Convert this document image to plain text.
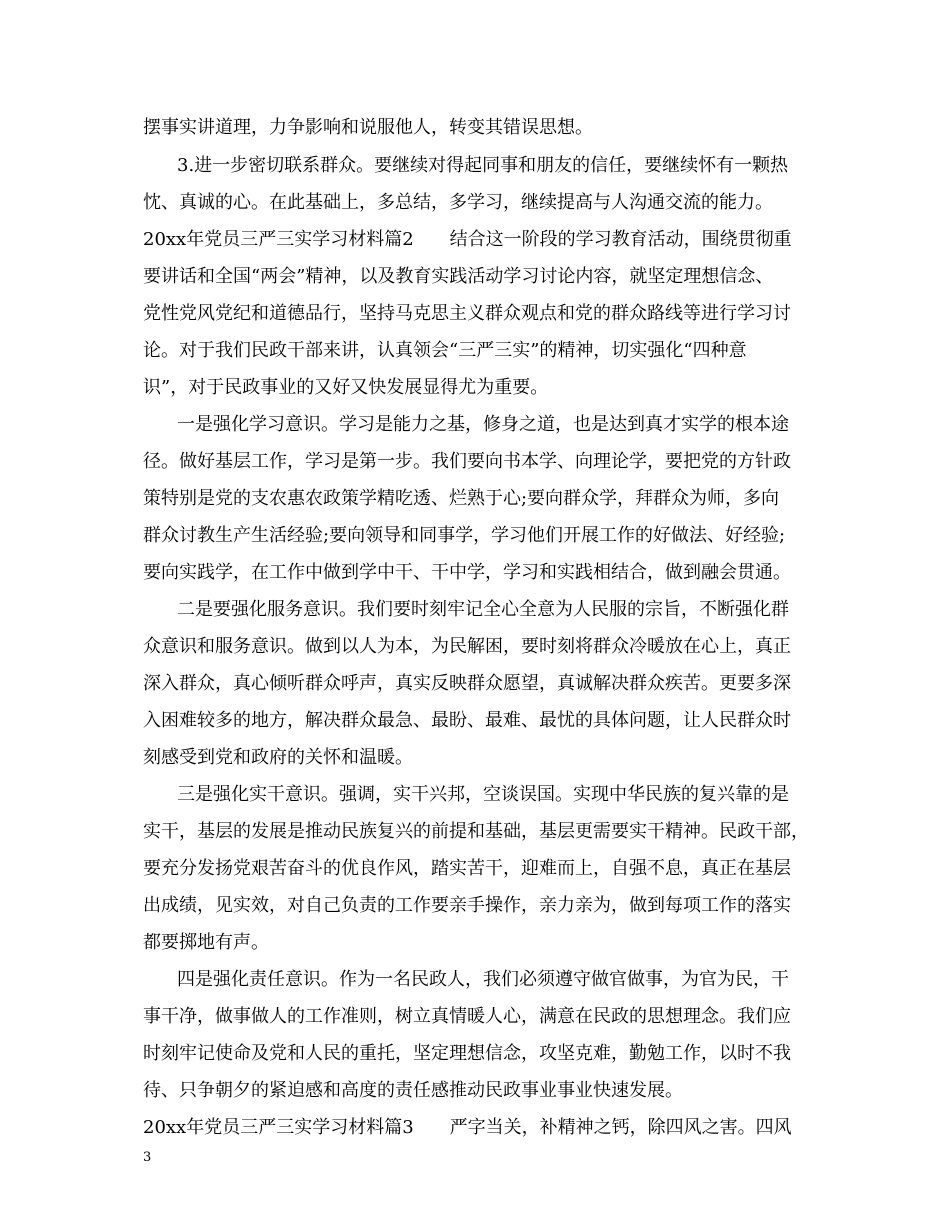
摆事实讲道理，力争影响和说服他人，转变其错误思想。

3.进一步密切联系群众。要继续对得起同事和朋友的信任，要继续怀有一颗热

忱、真诚的心。在此基础上，多总结，多学习，继续提高与人沟通交流的能力。

20xx年党员三严三实学习材料篇2　　结合这一阶段的学习教育活动，围绕贯彻重

要讲话和全国“两会”精神，以及教育实践活动学习讨论内容，就坚定理想信念、

党性党风党纪和道德品行，坚持马克思主义群众观点和党的群众路线等进行学习讨

论。对于我们民政干部来讲，认真领会“三严三实”的精神，切实强化“四种意

识”，对于民政事业的又好又快发展显得尤为重要。

一是强化学习意识。学习是能力之基，修身之道，也是达到真才实学的根本途

径。做好基层工作，学习是第一步。我们要向书本学、向理论学，要把党的方针政

策特别是党的支农惠农政策学精吃透、烂熟于心;要向群众学，拜群众为师，多向

群众讨教生产生活经验;要向领导和同事学，学习他们开展工作的好做法、好经验;

要向实践学，在工作中做到学中干、干中学，学习和实践相结合，做到融会贯通。

二是要强化服务意识。我们要时刻牢记全心全意为人民服的宗旨，不断强化群

众意识和服务意识。做到以人为本，为民解困，要时刻将群众冷暖放在心上，真正

深入群众，真心倾听群众呼声，真实反映群众愿望，真诚解决群众疾苦。更要多深

入困难较多的地方，解决群众最急、最盼、最难、最忧的具体问题，让人民群众时

刻感受到党和政府的关怀和温暖。

三是强化实干意识。强调，实干兴邦，空谈误国。实现中华民族的复兴靠的是

实干，基层的发展是推动民族复兴的前提和基础，基层更需要实干精神。民政干部，

要充分发扬党艰苦奋斗的优良作风，踏实苦干，迎难而上，自强不息，真正在基层

出成绩，见实效，对自己负责的工作要亲手操作，亲力亲为，做到每项工作的落实

都要掷地有声。

四是强化责任意识。作为一名民政人，我们必须遵守做官做事，为官为民，干

事干净，做事做人的工作准则，树立真情暖人心，满意在民政的思想理念。我们应

时刻牢记使命及党和人民的重托，坚定理想信念，攻坚克难，勤勉工作，以时不我

待、只争朝夕的紧迫感和高度的责任感推动民政事业事业快速发展。

20xx年党员三严三实学习材料篇3　　严字当关，补精神之钙，除四风之害。四风

3
